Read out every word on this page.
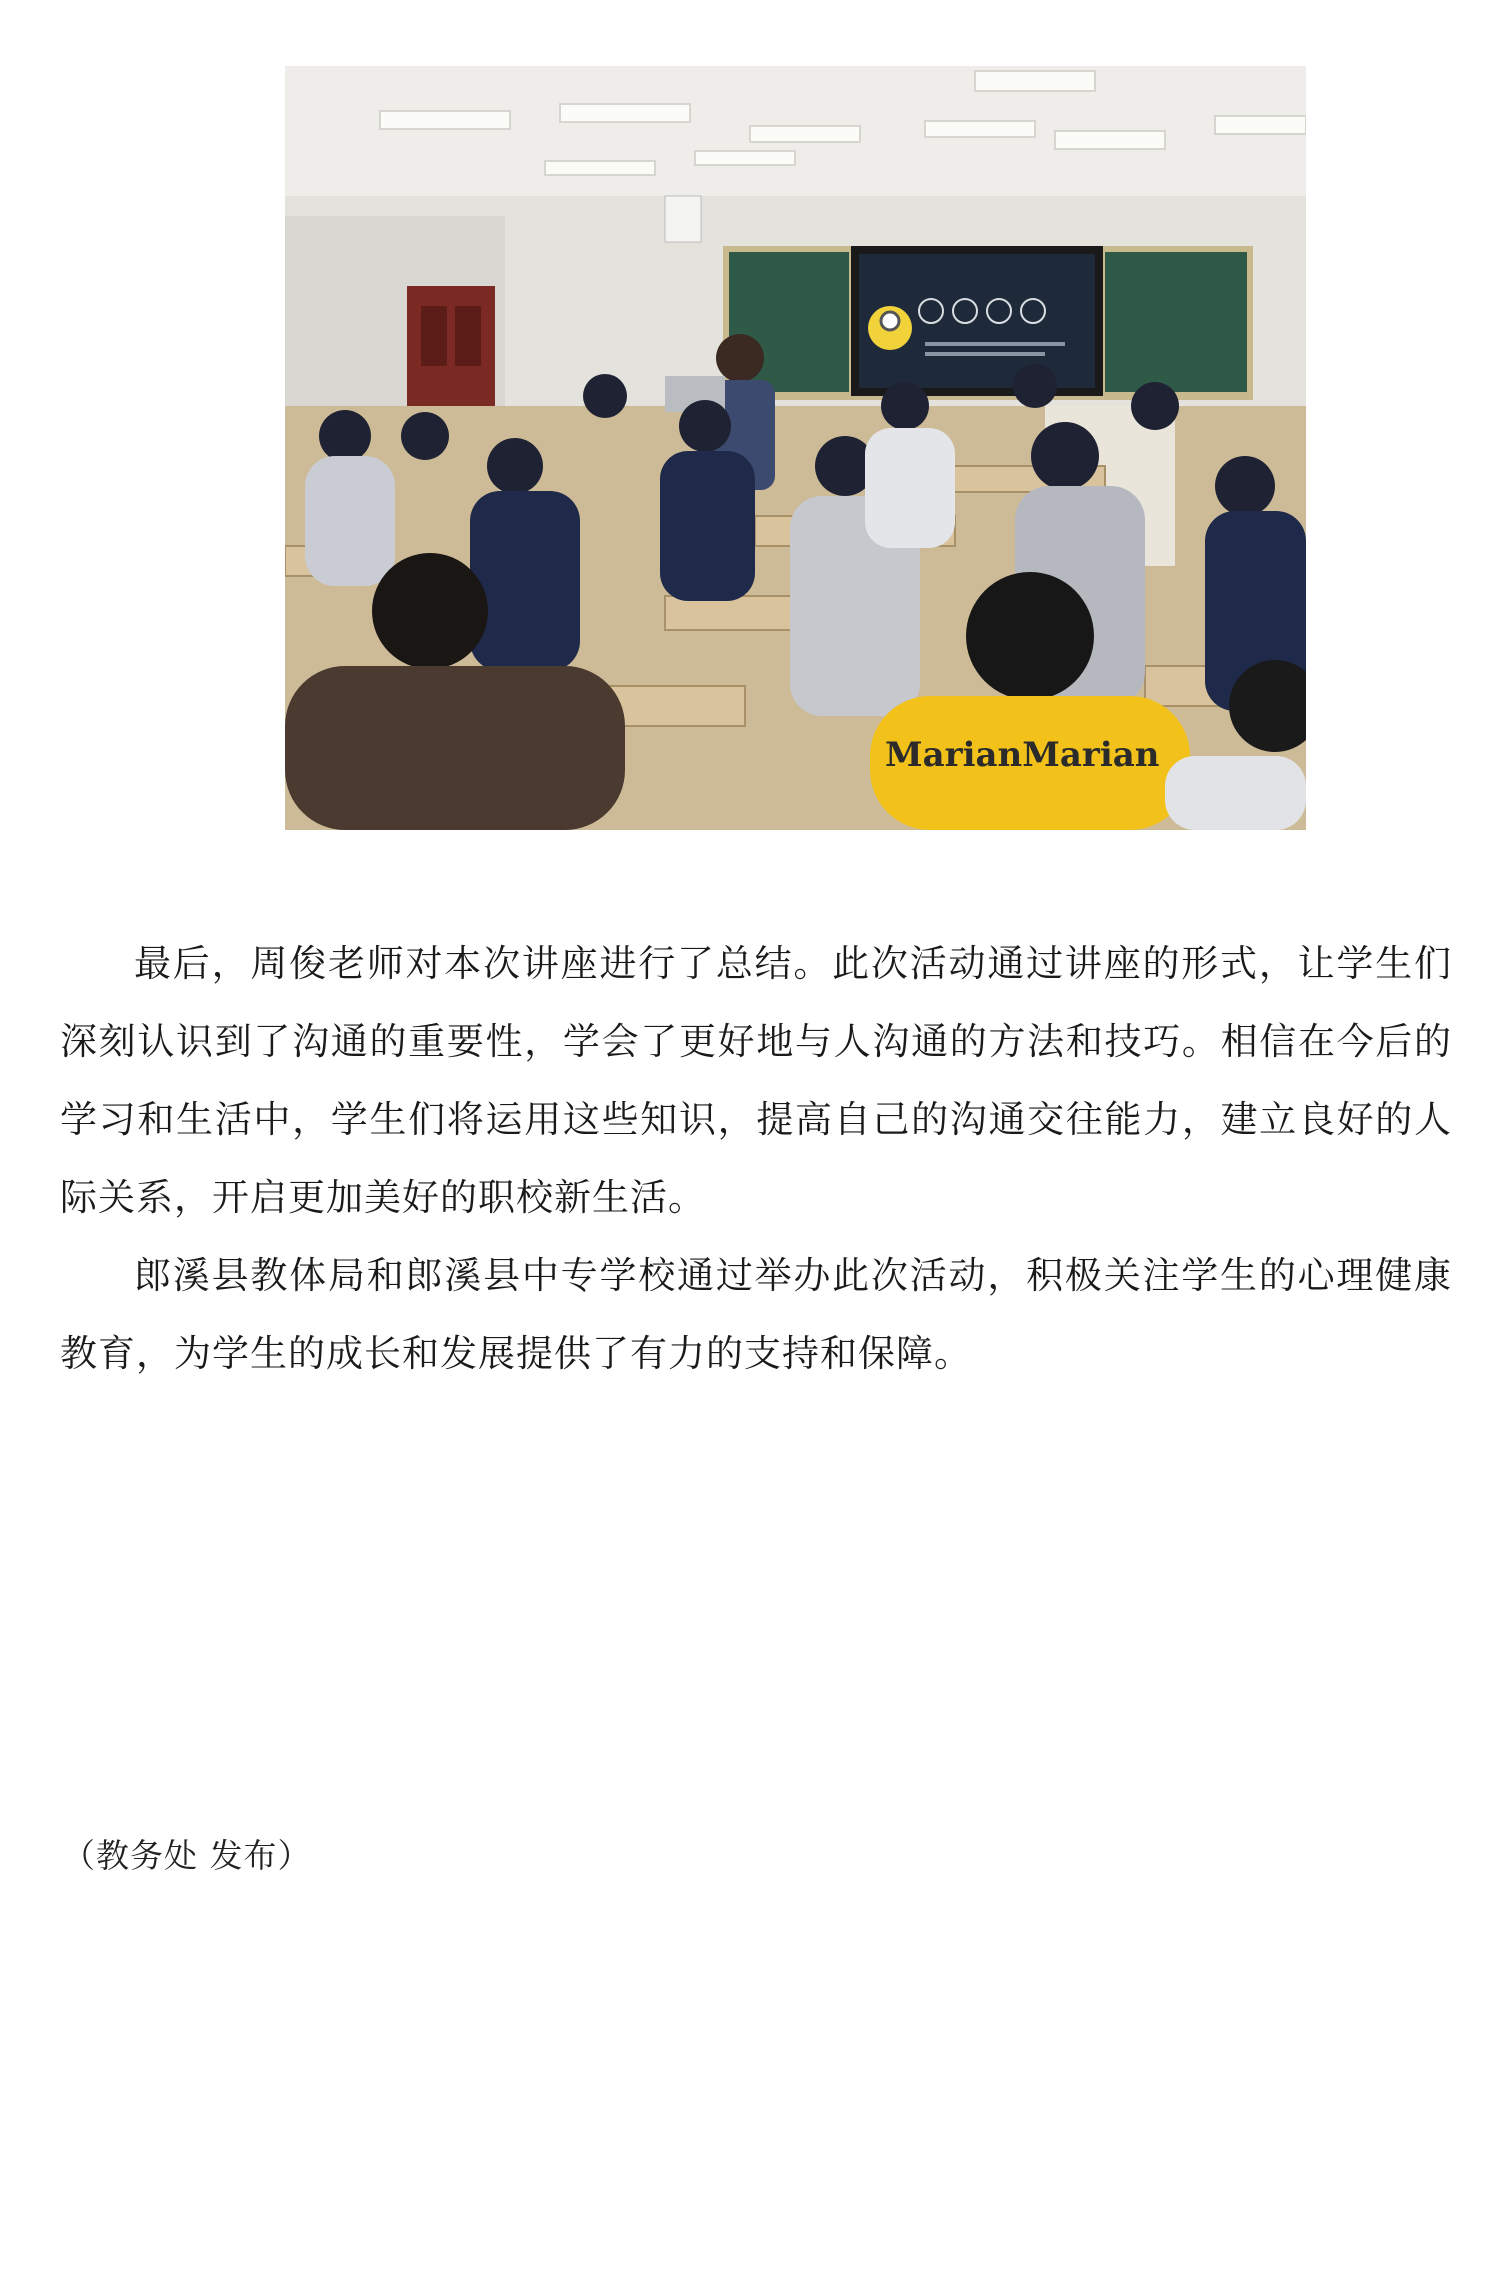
MarianMarian

最后，周俊老师对本次讲座进行了总结。此次活动通过讲座的形式，让学生们深刻认识到了沟通的重要性，学会了更好地与人沟通的方法和技巧。相信在今后的学习和生活中，学生们将运用这些知识，提高自己的沟通交往能力，建立良好的人际关系，开启更加美好的职校新生活。

郎溪县教体局和郎溪县中专学校通过举办此次活动，积极关注学生的心理健康教育，为学生的成长和发展提供了有力的支持和保障。

（教务处 发布）
